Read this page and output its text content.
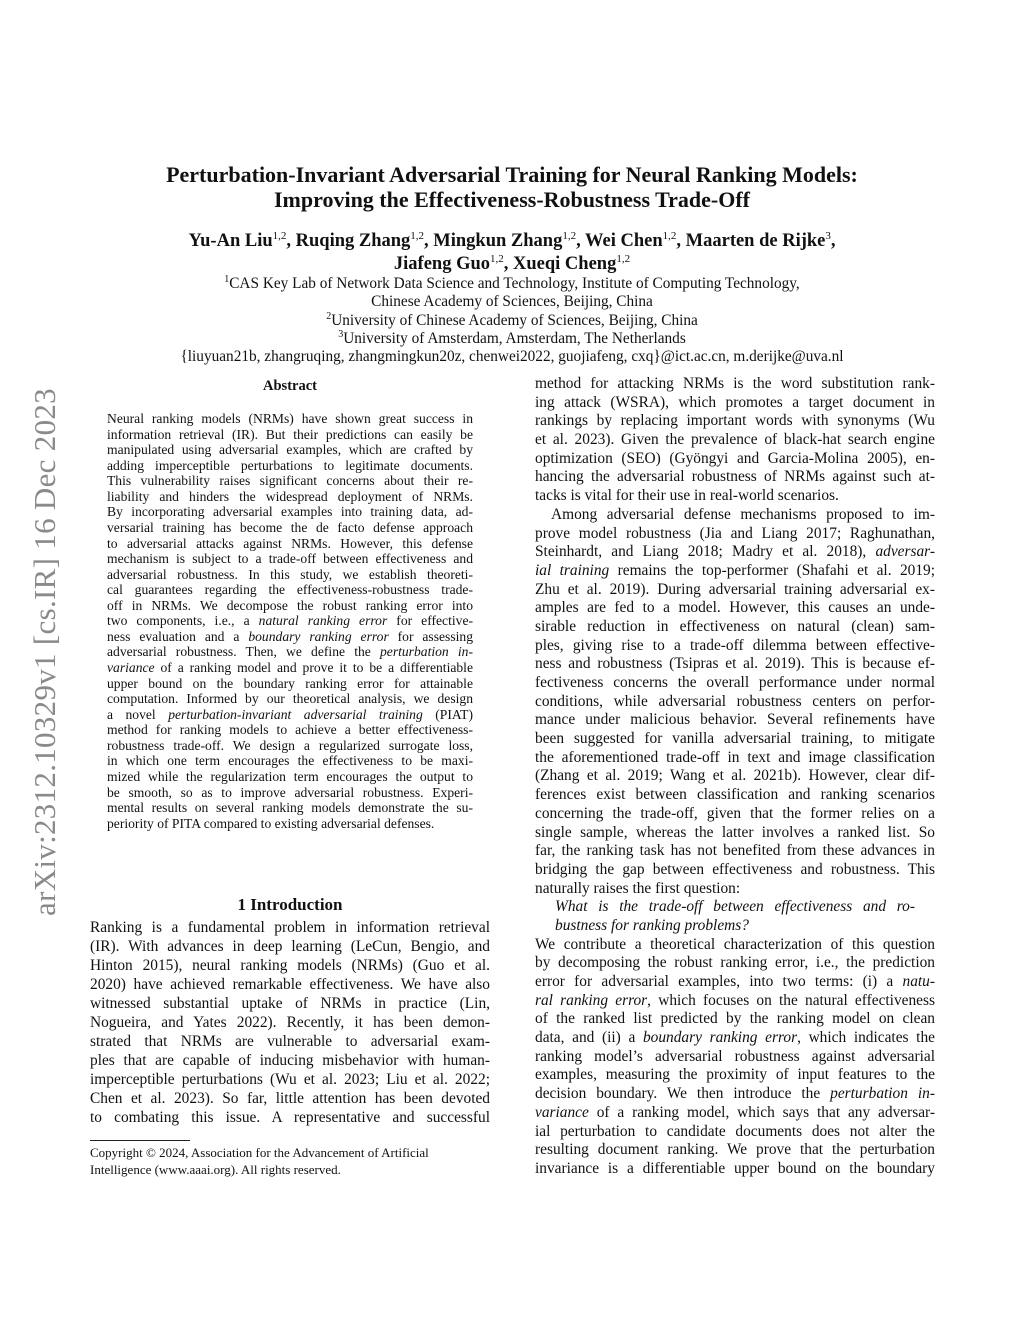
arXiv:2312.10329v1 [cs.IR] 16 Dec 2023
Perturbation-Invariant Adversarial Training for Neural Ranking Models:
Improving the Effectiveness-Robustness Trade-Off
Yu-An Liu$^{1,2}$, Ruqing Zhang$^{1,2}$, Mingkun Zhang$^{1,2}$, Wei Chen$^{1,2}$, Maarten de Rijke$^3$,
Jiafeng Guo$^{1,2}$, Xueqi Cheng$^{1,2}$
$^1$CAS Key Lab of Network Data Science and Technology, Institute of Computing Technology,
Chinese Academy of Sciences, Beijing, China
$^2$University of Chinese Academy of Sciences, Beijing, China
$^3$University of Amsterdam, Amsterdam, The Netherlands
{liuyuan21b, zhangruqing, zhangmingkun20z, chenwei2022, guojiafeng, cxq}@ict.ac.cn, m.derijke@uva.nl
Abstract
Neural ranking models (NRMs) have shown great success in
information retrieval (IR). But their predictions can easily be
manipulated using adversarial examples, which are crafted by
adding imperceptible perturbations to legitimate documents.
This vulnerability raises significant concerns about their re-
liability and hinders the widespread deployment of NRMs.
By incorporating adversarial examples into training data, ad-
versarial training has become the de facto defense approach
to adversarial attacks against NRMs. However, this defense
mechanism is subject to a trade-off between effectiveness and
adversarial robustness. In this study, we establish theoreti-
cal guarantees regarding the effectiveness-robustness trade-
off in NRMs. We decompose the robust ranking error into
two components, i.e., a natural ranking error for effective-
ness evaluation and a boundary ranking error for assessing
adversarial robustness. Then, we define the perturbation in-
variance of a ranking model and prove it to be a differentiable
upper bound on the boundary ranking error for attainable
computation. Informed by our theoretical analysis, we design
a novel perturbation-invariant adversarial training (PIAT)
method for ranking models to achieve a better effectiveness-
robustness trade-off. We design a regularized surrogate loss,
in which one term encourages the effectiveness to be maxi-
mized while the regularization term encourages the output to
be smooth, so as to improve adversarial robustness. Experi-
mental results on several ranking models demonstrate the su-
periority of PITA compared to existing adversarial defenses.
1 Introduction
Ranking is a fundamental problem in information retrieval
(IR). With advances in deep learning (LeCun, Bengio, and
Hinton 2015), neural ranking models (NRMs) (Guo et al.
2020) have achieved remarkable effectiveness. We have also
witnessed substantial uptake of NRMs in practice (Lin,
Nogueira, and Yates 2022). Recently, it has been demon-
strated that NRMs are vulnerable to adversarial exam-
ples that are capable of inducing misbehavior with human-
imperceptible perturbations (Wu et al. 2023; Liu et al. 2022;
Chen et al. 2023). So far, little attention has been devoted
to combating this issue. A representative and successful
method for attacking NRMs is the word substitution rank-
ing attack (WSRA), which promotes a target document in
rankings by replacing important words with synonyms (Wu
et al. 2023). Given the prevalence of black-hat search engine
optimization (SEO) (Gyöngyi and Garcia-Molina 2005), en-
hancing the adversarial robustness of NRMs against such at-
tacks is vital for their use in real-world scenarios.
Among adversarial defense mechanisms proposed to im-
prove model robustness (Jia and Liang 2017; Raghunathan,
Steinhardt, and Liang 2018; Madry et al. 2018), adversar-
ial training remains the top-performer (Shafahi et al. 2019;
Zhu et al. 2019). During adversarial training adversarial ex-
amples are fed to a model. However, this causes an unde-
sirable reduction in effectiveness on natural (clean) sam-
ples, giving rise to a trade-off dilemma between effective-
ness and robustness (Tsipras et al. 2019). This is because ef-
fectiveness concerns the overall performance under normal
conditions, while adversarial robustness centers on perfor-
mance under malicious behavior. Several refinements have
been suggested for vanilla adversarial training, to mitigate
the aforementioned trade-off in text and image classification
(Zhang et al. 2019; Wang et al. 2021b). However, clear dif-
ferences exist between classification and ranking scenarios
concerning the trade-off, given that the former relies on a
single sample, whereas the latter involves a ranked list. So
far, the ranking task has not benefited from these advances in
bridging the gap between effectiveness and robustness. This
naturally raises the first question:
What is the trade-off between effectiveness and ro-
bustness for ranking problems?
We contribute a theoretical characterization of this question
by decomposing the robust ranking error, i.e., the prediction
error for adversarial examples, into two terms: (i) a natu-
ral ranking error, which focuses on the natural effectiveness
of the ranked list predicted by the ranking model on clean
data, and (ii) a boundary ranking error, which indicates the
ranking model’s adversarial robustness against adversarial
examples, measuring the proximity of input features to the
decision boundary. We then introduce the perturbation in-
variance of a ranking model, which says that any adversar-
ial perturbation to candidate documents does not alter the
resulting document ranking. We prove that the perturbation
invariance is a differentiable upper bound on the boundary
Copyright © 2024, Association for the Advancement of Artificial
Intelligence (www.aaai.org). All rights reserved.
